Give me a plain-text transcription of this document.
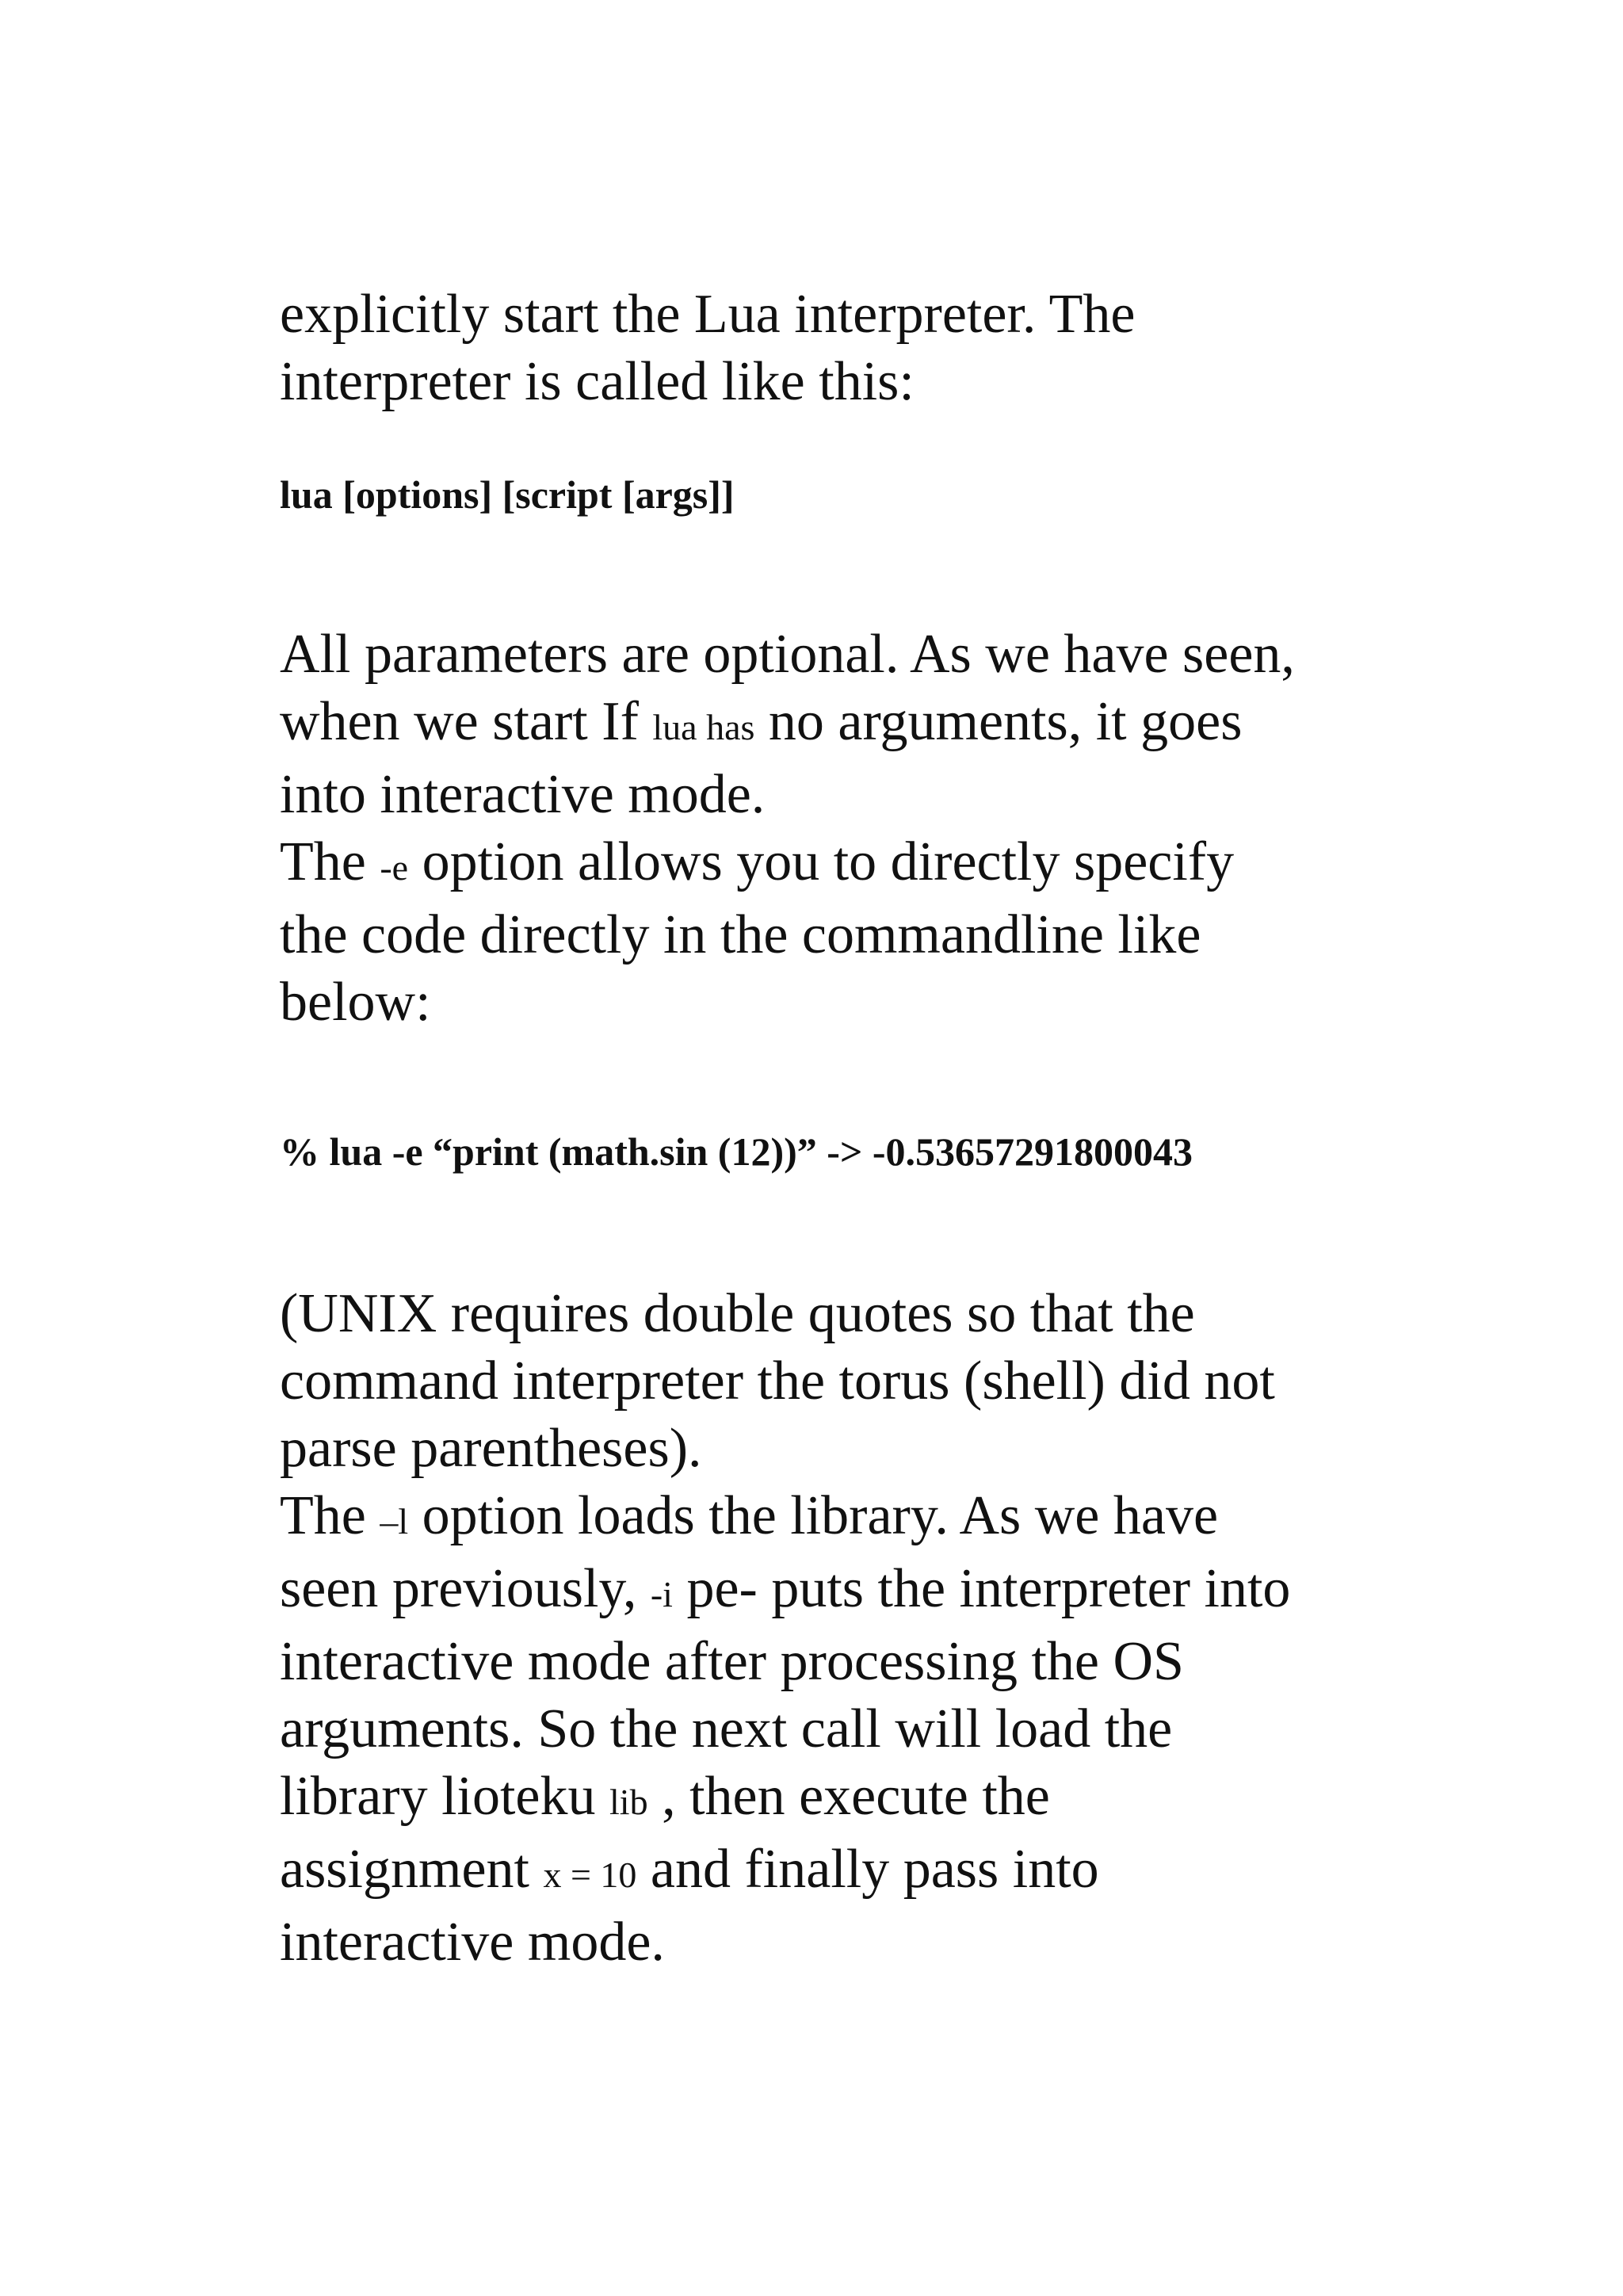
explicitly start the Lua interpreter. The
interpreter is called like this:

lua [options] [script [args]]

All parameters are optional. As we have seen,
when we start If lua has no arguments, it goes
into interactive mode.
The -e option allows you to directly specify
the code directly in the commandline like
below:

% lua -e “print (math.sin (12))” -> -0.53657291800043

(UNIX requires double quotes so that the
command interpreter the torus (shell) did not
parse parentheses).
The –l option loads the library. As we have
seen previously, -i pe- puts the interpreter into
interactive mode after processing the OS
arguments. So the next call will load the
library lioteku lib , then execute the
assignment x = 10 and finally pass into
interactive mode.
